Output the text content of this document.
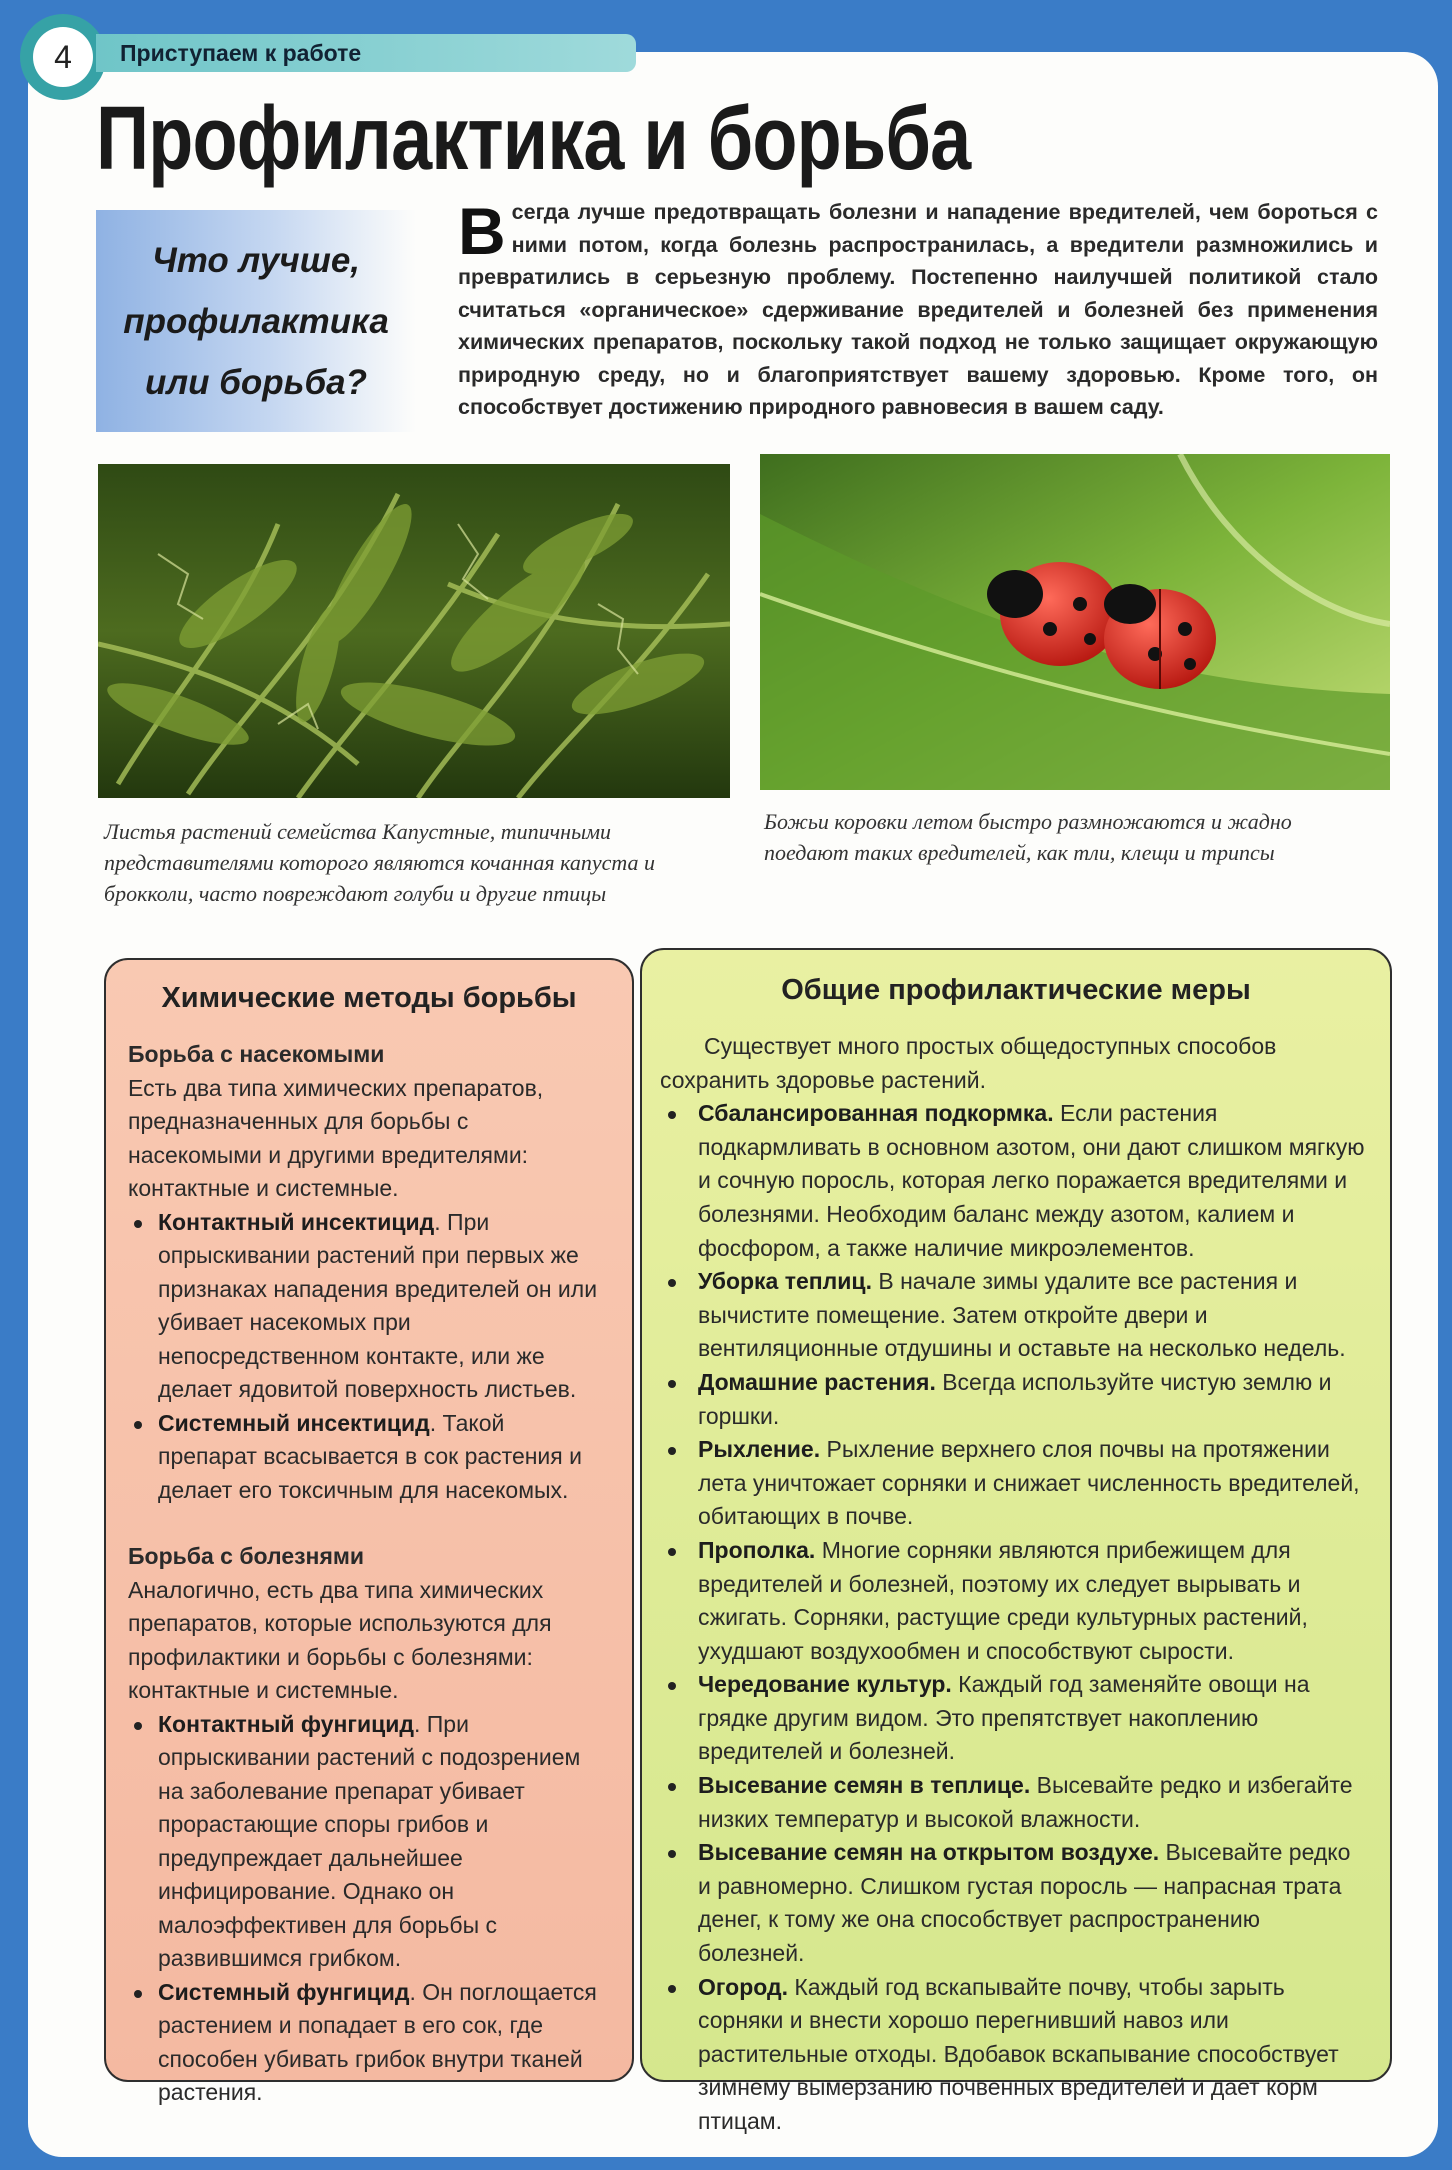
4	Приступаем к работе
Профилактика и борьба
Что лучше,
профилактика
или борьба?

Всегда лучше предотвращать болезни и нападение вредителей, чем бороться с ними потом, когда болезнь распространилась, а вредители размножились и превратились в серьезную проблему. Постепенно наилучшей политикой стало считаться «органическое» сдерживание вредителей и болезней без применения химических препаратов, поскольку такой подход не только защищает окружающую природную среду, но и благоприятствует вашему здоровью. Кроме того, он способствует достижению природного равновесия в вашем саду.

Листья растений семейства Капустные, типичными представителями которого являются кочанная капуста и брокколи, часто повреждают голуби и другие птицы

Божьи коровки летом быстро размножаются и жадно поедают таких вредителей, как тли, клещи и трипсы

Химические методы борьбы

Борьба с насекомыми

Есть два типа химических препаратов, предназначенных для борьбы с насекомыми и другими вредителями: контактные и системные.

Контактный инсектицид. При опрыскивании растений при первых же признаках нападения вредителей он или убивает насекомых при непосредственном контакте, или же делает ядовитой поверхность листьев.
Системный инсектицид. Такой препарат всасывается в сок растения и делает его токсичным для насекомых.

Борьба с болезнями

Аналогично, есть два типа химических препаратов, которые используются для профилактики и борьбы с болезнями: контактные и системные.

Контактный фунгицид. При опрыскивании растений с подозрением на заболевание препарат убивает прорастающие споры грибов и предупреждает дальнейшее инфицирование. Однако он малоэффективен для борьбы с развившимся грибком.
Системный фунгицид. Он поглощается растением и попадает в его сок, где способен убивать грибок внутри тканей растения.
Общие профилактические меры

Существует много простых общедоступных способов сохранить здоровье растений.

Сбалансированная подкормка. Если растения подкармливать в основном азотом, они дают слишком мягкую и сочную поросль, которая легко поражается вредителями и болезнями. Необходим баланс между азотом, калием и фосфором, а также наличие микроэлементов.
Уборка теплиц. В начале зимы удалите все растения и вычистите помещение. Затем откройте двери и вентиляционные отдушины и оставьте на несколько недель.
Домашние растения. Всегда используйте чистую землю и горшки.
Рыхление. Рыхление верхнего слоя почвы на протяжении лета уничтожает сорняки и снижает численность вредителей, обитающих в почве.
Прополка. Многие сорняки являются прибежищем для вредителей и болезней, поэтому их следует вырывать и сжигать. Сорняки, растущие среди культурных растений, ухудшают воздухообмен и способствуют сырости.
Чередование культур. Каждый год заменяйте овощи на грядке другим видом. Это препятствует накоплению вредителей и болезней.
Высевание семян в теплице. Высевайте редко и избегайте низких температур и высокой влажности.
Высевание семян на открытом воздухе. Высевайте редко и равномерно. Слишком густая поросль — напрасная трата денег, к тому же она способствует распространению болезней.
Огород. Каждый год вскапывайте почву, чтобы зарыть сорняки и внести хорошо перегнивший навоз или растительные отходы. Вдобавок вскапывание способствует зимнему вымерзанию почвенных вредителей и дает корм птицам.
